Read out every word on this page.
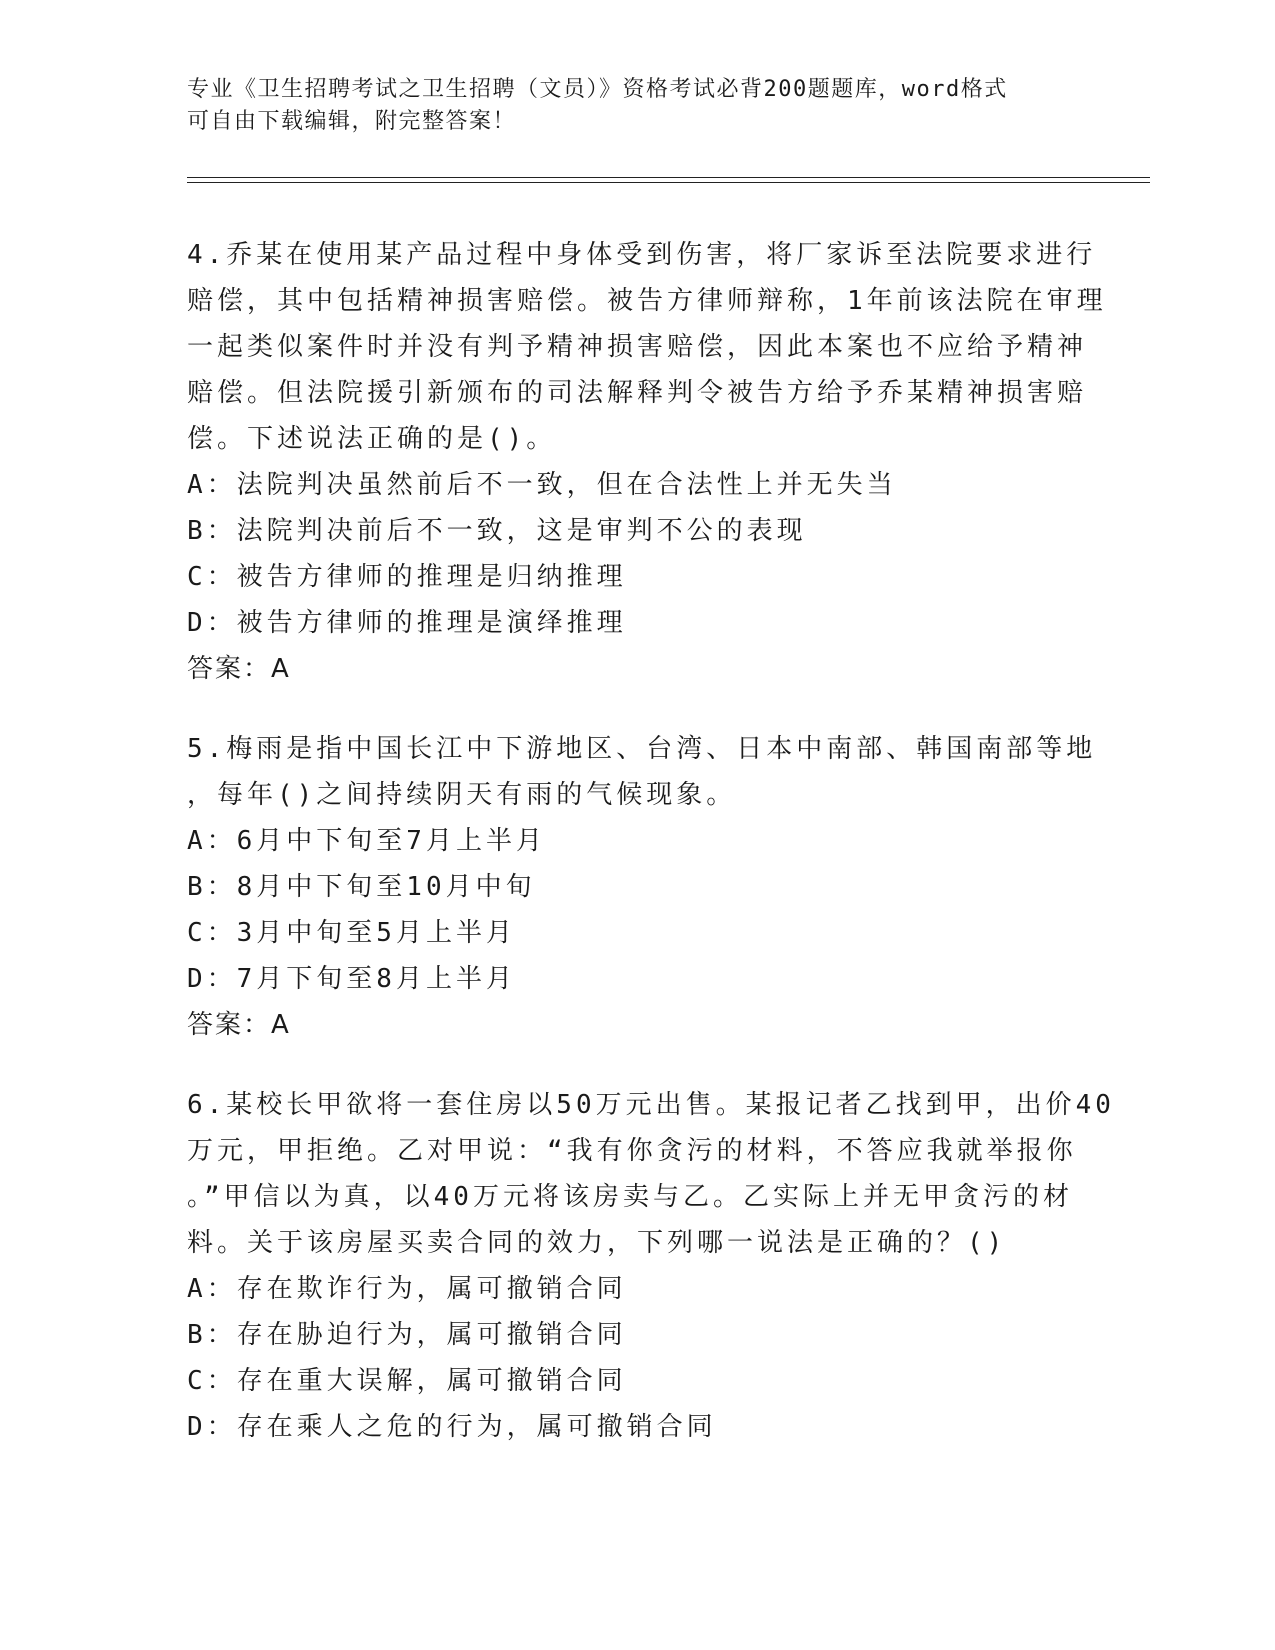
专业《卫生招聘考试之卫生招聘（文员）》资格考试必背200题题库，word格式
可自由下载编辑，附完整答案！
4.乔某在使用某产品过程中身体受到伤害，将厂家诉至法院要求进行
赔偿，其中包括精神损害赔偿。被告方律师辩称，1年前该法院在审理
一起类似案件时并没有判予精神损害赔偿，因此本案也不应给予精神
赔偿。但法院援引新颁布的司法解释判令被告方给予乔某精神损害赔
偿。下述说法正确的是()。
A：法院判决虽然前后不一致，但在合法性上并无失当
B：法院判决前后不一致，这是审判不公的表现
C：被告方律师的推理是归纳推理
D：被告方律师的推理是演绎推理
答案：A
5.梅雨是指中国长江中下游地区、台湾、日本中南部、韩国南部等地
，每年()之间持续阴天有雨的气候现象。
A：6月中下旬至7月上半月
B：8月中下旬至10月中旬
C：3月中旬至5月上半月
D：7月下旬至8月上半月
答案：A
6.某校长甲欲将一套住房以50万元出售。某报记者乙找到甲，出价40
万元，甲拒绝。乙对甲说：“我有你贪污的材料，不答应我就举报你
。”甲信以为真，以40万元将该房卖与乙。乙实际上并无甲贪污的材
料。关于该房屋买卖合同的效力，下列哪一说法是正确的？()
A：存在欺诈行为，属可撤销合同
B：存在胁迫行为，属可撤销合同
C：存在重大误解，属可撤销合同
D：存在乘人之危的行为，属可撤销合同
